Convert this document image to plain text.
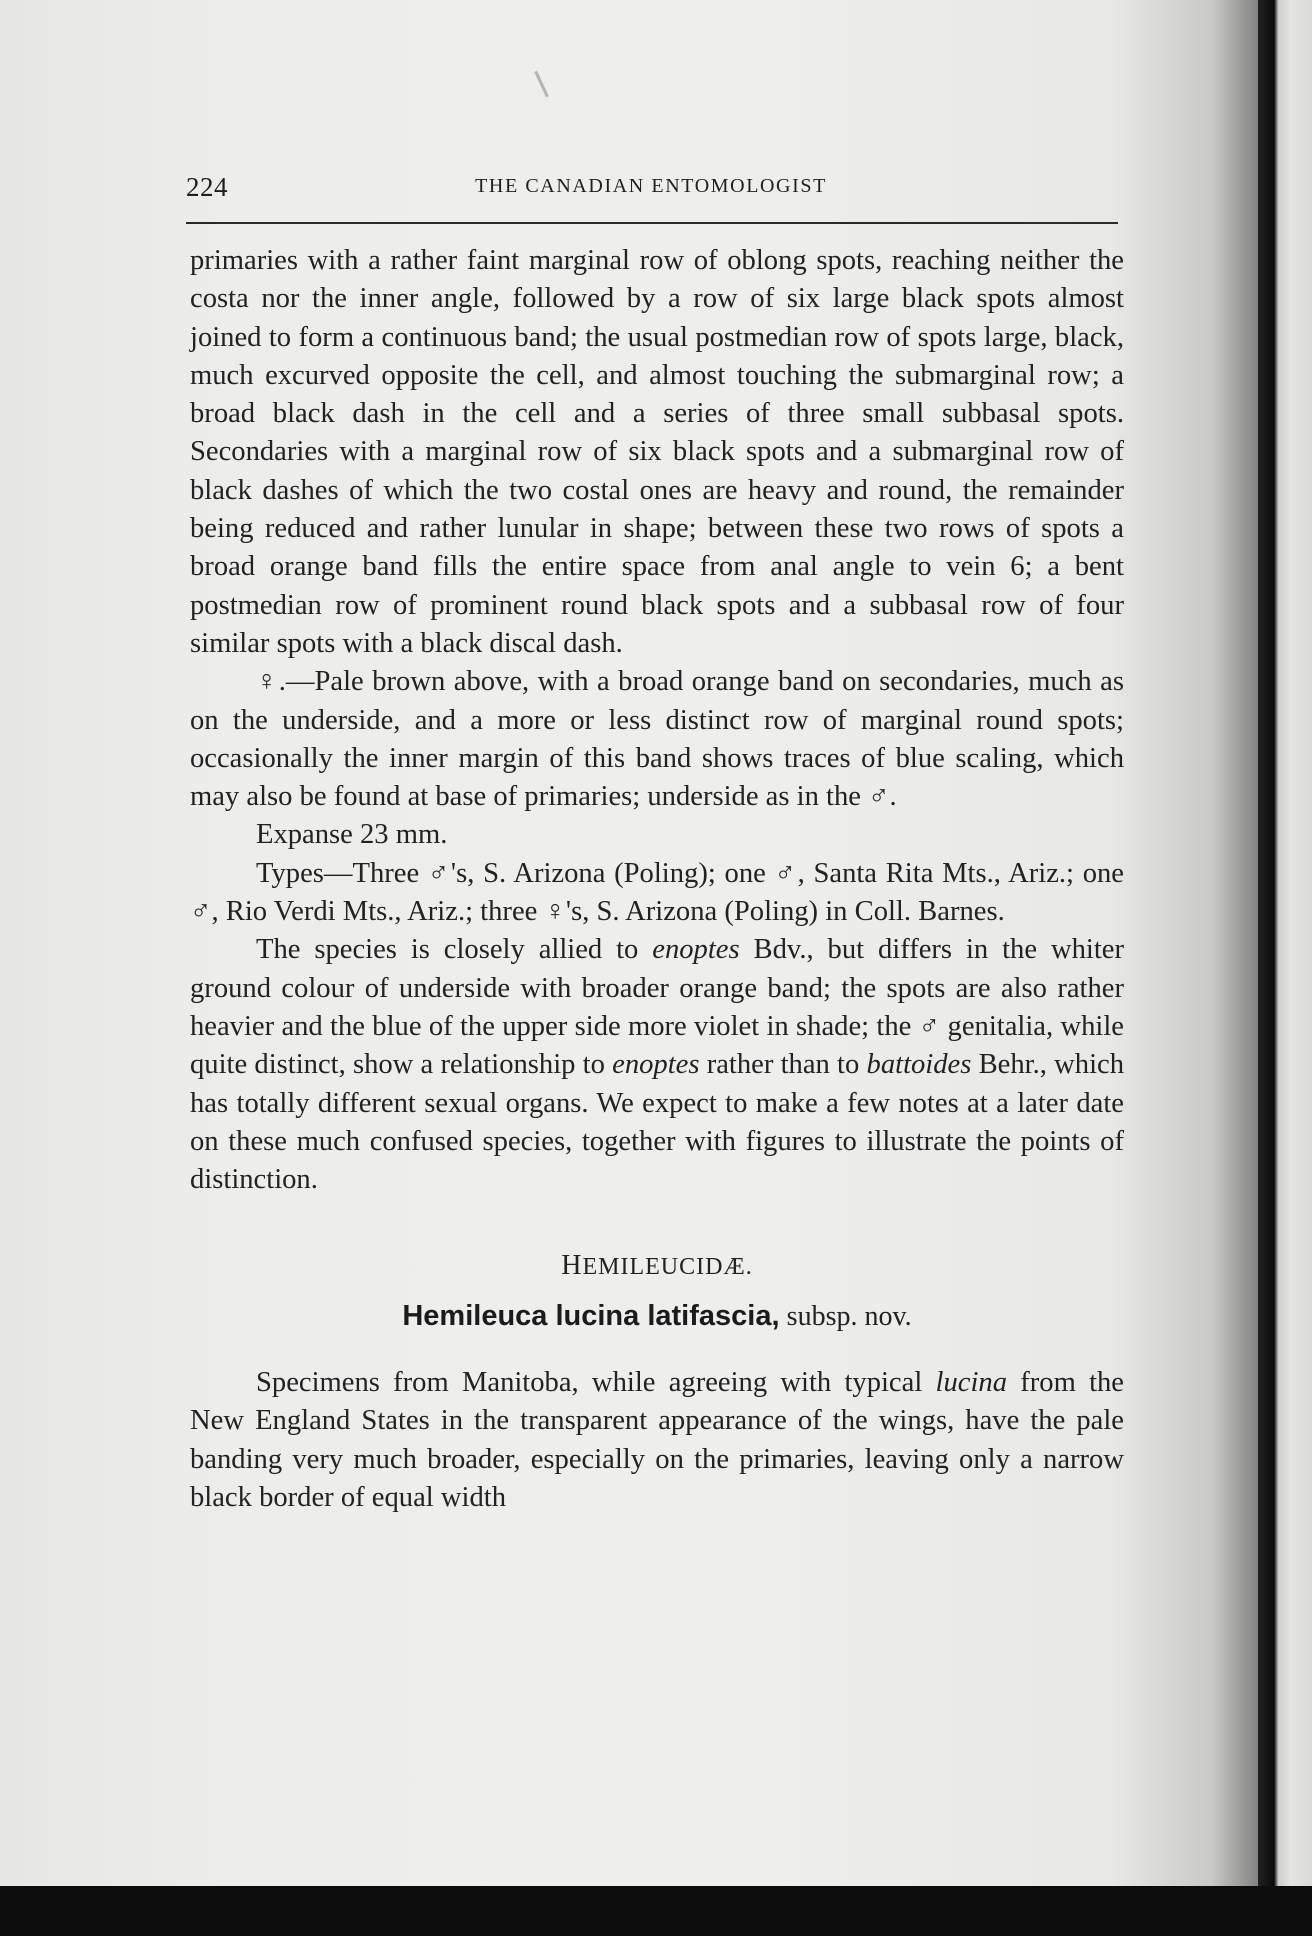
224	THE CANADIAN ENTOMOLOGIST

primaries with a rather faint marginal row of oblong spots, reaching neither the costa nor the inner angle, followed by a row of six large black spots almost joined to form a continuous band; the usual postmedian row of spots large, black, much excurved opposite the cell, and almost touching the submarginal row; a broad black dash in the cell and a series of three small subbasal spots. Secondaries with a marginal row of six black spots and a submarginal row of black dashes of which the two costal ones are heavy and round, the remainder being reduced and rather lunular in shape; between these two rows of spots a broad orange band fills the entire space from anal angle to vein 6; a bent postmedian row of prominent round black spots and a subbasal row of four similar spots with a black discal dash.

♀.—Pale brown above, with a broad orange band on secondaries, much as on the underside, and a more or less distinct row of marginal round spots; occasionally the inner margin of this band shows traces of blue scaling, which may also be found at base of primaries; underside as in the ♂.

Expanse 23 mm.

Types—Three ♂'s, S. Arizona (Poling); one ♂, Santa Rita Mts., Ariz.; one ♂, Rio Verdi Mts., Ariz.; three ♀'s, S. Arizona (Poling) in Coll. Barnes.

The species is closely allied to enoptes Bdv., but differs in the whiter ground colour of underside with broader orange band; the spots are also rather heavier and the blue of the upper side more violet in shade; the ♂ genitalia, while quite distinct, show a relationship to enoptes rather than to battoides Behr., which has totally different sexual organs. We expect to make a few notes at a later date on these much confused species, together with figures to illustrate the points of distinction.

HEMILEUCIDÆ.

Hemileuca lucina latifascia, subsp. nov.

Specimens from Manitoba, while agreeing with typical lucina from the New England States in the transparent appearance of the wings, have the pale banding very much broader, especially on the primaries, leaving only a narrow black border of equal width
